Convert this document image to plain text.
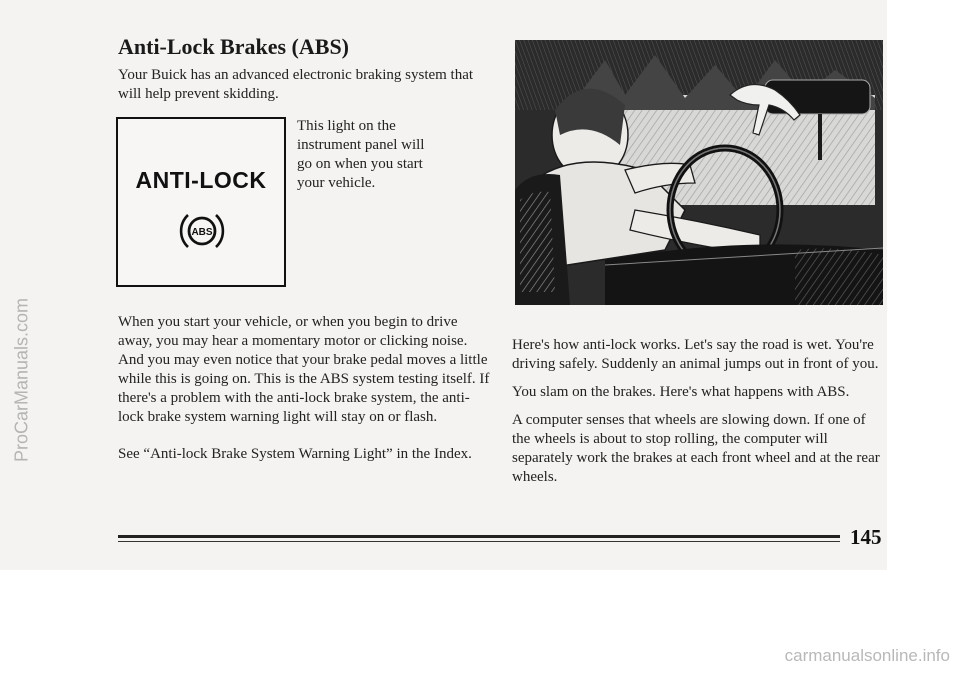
Anti-Lock Brakes (ABS)

Your Buick has an advanced electronic braking system that will help prevent skidding.

ANTI-LOCK
ABS

This light on the instrument panel will go on when you start your vehicle.

When you start your vehicle, or when you begin to drive away, you may hear a momentary motor or clicking noise. And you may even notice that your brake pedal moves a little while this is going on. This is the ABS system testing itself. If there's a problem with the anti-lock brake system, the anti-lock brake system warning light will stay on or flash.

See “Anti-lock Brake System Warning Light” in the Index.

Here's how anti-lock works. Let's say the road is wet. You're driving safely. Suddenly an animal jumps out in front of you.

You slam on the brakes. Here's what happens with ABS.

A computer senses that wheels are slowing down. If one of the wheels is about to stop rolling, the computer will separately work the brakes at each front wheel and at the rear wheels.

145
ProCarManuals.com
carmanualsonline.info
